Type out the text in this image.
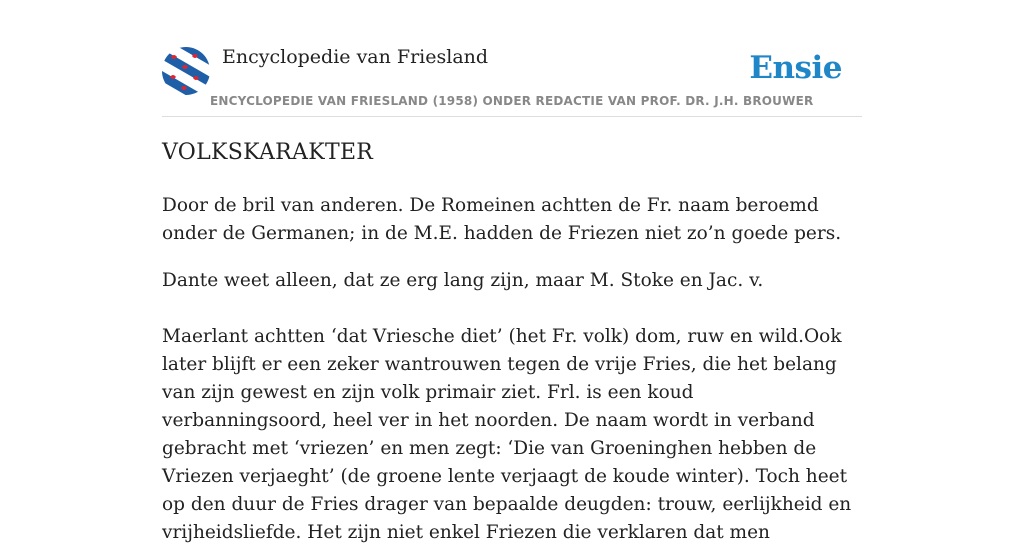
Encyclopedie van Friesland
ENCYCLOPEDIE VAN FRIESLAND (1958) ONDER REDACTIE VAN PROF. DR. J.H. BROUWER
Ensie
VOLKSKARAKTER

Door de bril van anderen. De Romeinen achtten de Fr. naam beroemd onder de Germanen; in de M.E. hadden de Friezen niet zo’n goede pers.

Dante weet alleen, dat ze erg lang zijn, maar M. Stoke en Jac. v.

Maerlant achtten ‘dat Vriesche diet’ (het Fr. volk) dom, ruw en wild.Ook later blijft er een zeker wantrouwen tegen de vrije Fries, die het belang van zijn gewest en zijn volk primair ziet. Frl. is een koud verbanningsoord, heel ver in het noorden. De naam wordt in verband gebracht met ‘vriezen’ en men zegt: ‘Die van Groeninghen hebben de Vriezen verjaeght’ (de groene lente verjaagt de koude winter). Toch heet op den duur de Fries drager van bepaalde deugden: trouw, eerlijkheid en vrijheidsliefde. Het zijn niet enkel Friezen die verklaren dat men
